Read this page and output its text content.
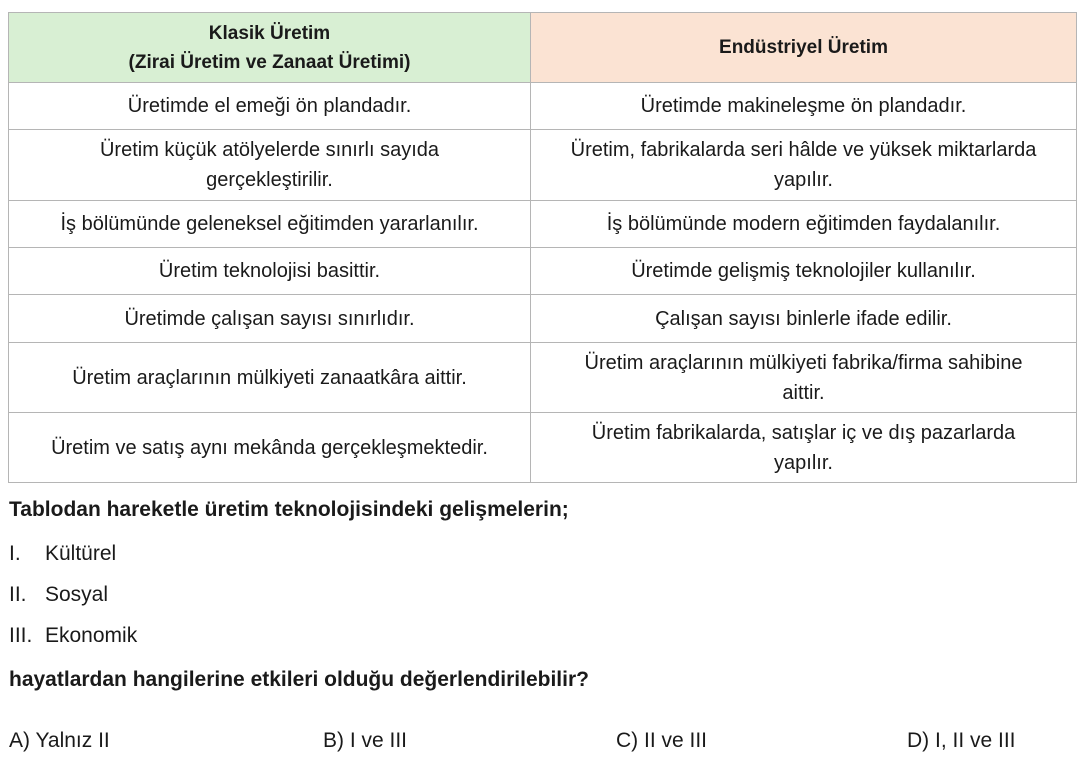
Klasik Üretim
(Zirai Üretim ve Zanaat Üretimi)	Endüstriyel Üretim
Üretimde el emeği ön plandadır.	Üretimde makineleşme ön plandadır.
Üretim küçük atölyelerde sınırlı sayıda gerçekleştirilir.	Üretim, fabrikalarda seri hâlde ve yüksek miktarlarda yapılır.
İş bölümünde geleneksel eğitimden yararlanılır.	İş bölümünde modern eğitimden faydalanılır.
Üretim teknolojisi basittir.	Üretimde gelişmiş teknolojiler kullanılır.
Üretimde çalışan sayısı sınırlıdır.	Çalışan sayısı binlerle ifade edilir.
Üretim araçlarının mülkiyeti zanaatkâra aittir.	Üretim araçlarının mülkiyeti fabrika/firma sahibine aittir.
Üretim ve satış aynı mekânda gerçekleşmektedir.	Üretim fabrikalarda, satışlar iç ve dış pazarlarda yapılır.
Tablodan hareketle üretim teknolojisindeki gelişmelerin;
I. Kültürel
II. Sosyal
III. Ekonomik
hayatlardan hangilerine etkileri olduğu değerlendirilebilir?
A) Yalnız II	B) I ve III	C) II ve III	D) I, II ve III
